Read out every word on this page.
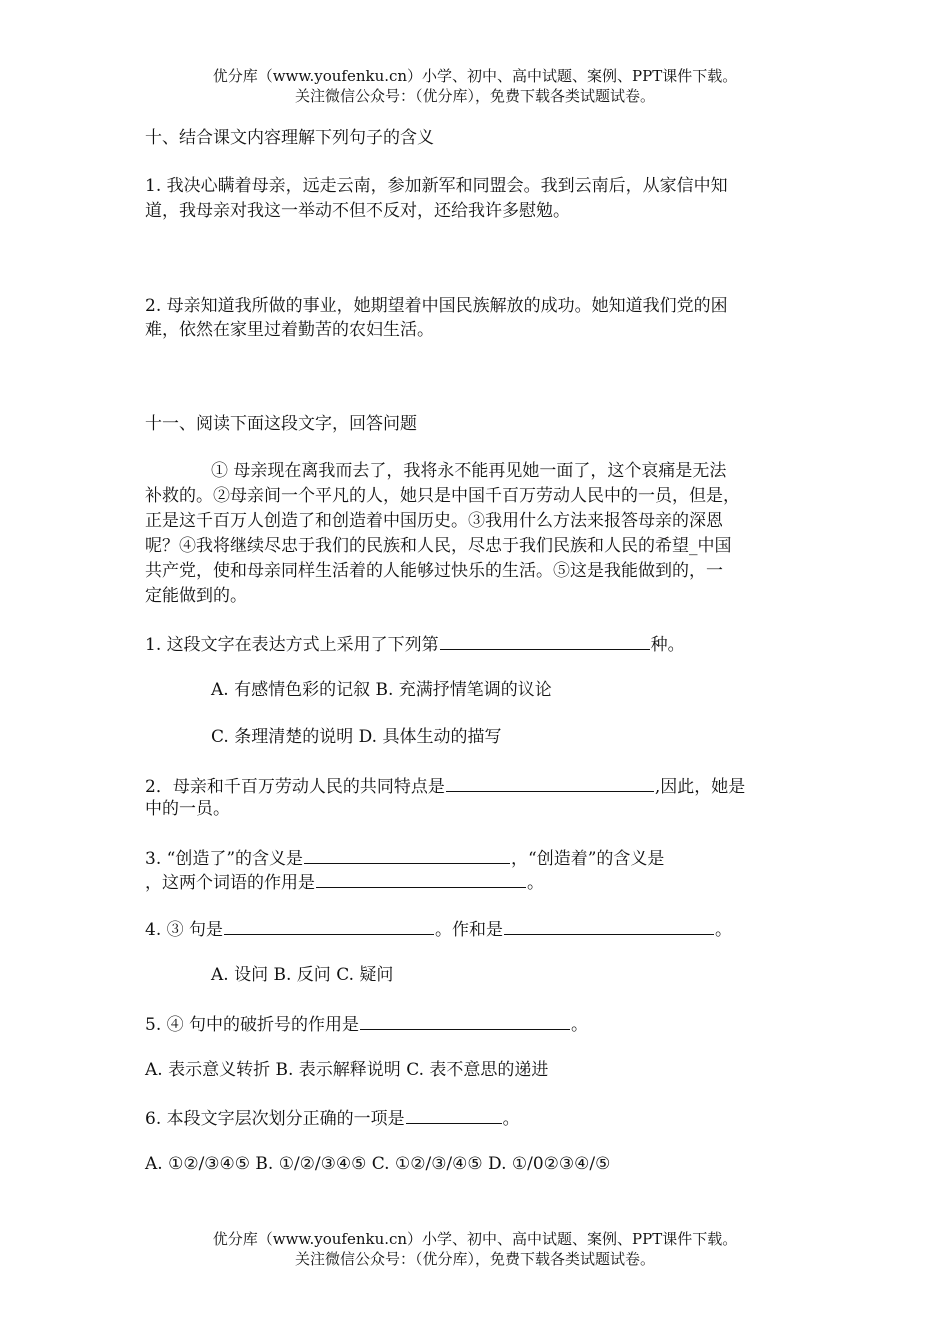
优分库（www.youfenku.cn）小学、初中、高中试题、案例、PPT课件下载。
关注微信公众号：（优分库），免费下载各类试题试卷。
十、结合课文内容理解下列句子的含义
1. 我决心瞒着母亲，远走云南，参加新军和同盟会。我到云南后，从家信中知
道，我母亲对我这一举动不但不反对，还给我许多慰勉。
2. 母亲知道我所做的事业，她期望着中国民族解放的成功。她知道我们党的困
难，依然在家里过着勤苦的农妇生活。
十一、阅读下面这段文字，回答问题
① 母亲现在离我而去了，我将永不能再见她一面了，这个哀痛是无法
补救的。②母亲间一个平凡的人，她只是中国千百万劳动人民中的一员，但是，
正是这千百万人创造了和创造着中国历史。③我用什么方法来报答母亲的深恩
呢？④我将继续尽忠于我们的民族和人民，尽忠于我们民族和人民的希望_中国
共产党，使和母亲同样生活着的人能够过快乐的生活。⑤这是我能做到的，一
定能做到的。
1. 这段文字在表达方式上采用了下列第	种。
A. 有感情色彩的记叙 B. 充满抒情笔调的议论
C. 条理清楚的说明 D. 具体生动的描写
2．母亲和千百万劳动人民的共同特点是	,因此，她是
中的一员。
3. “创造了”的含义是	，“创造着”的含义是
，这两个词语的作用是	。
4. ③ 句是	。作和是	。
A. 设问 B. 反问 C. 疑问
5. ④ 句中的破折号的作用是	。
A. 表示意义转折 B. 表示解释说明 C. 表不意思的递进
6. 本段文字层次划分正确的一项是	。
A. ①②/③④⑤ B. ①/②/③④⑤ C. ①②/③/④⑤ D. ①/0②③④/⑤
优分库（www.youfenku.cn）小学、初中、高中试题、案例、PPT课件下载。
关注微信公众号：（优分库），免费下载各类试题试卷。
